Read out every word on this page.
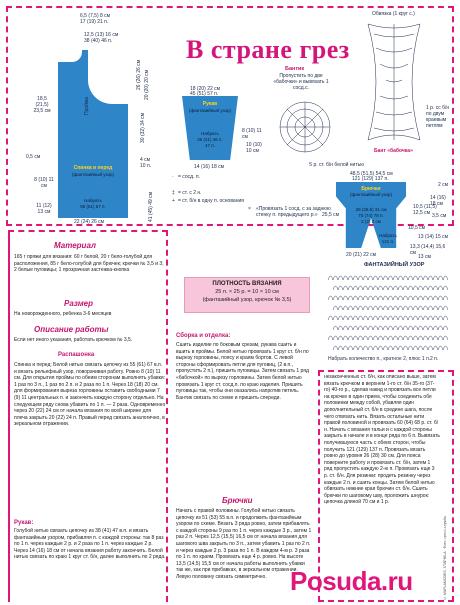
Спинка и перед
(фантазийный узор)
Набрать
55 (61) 67 п.
Пройма
6,5 (7,5) 8 см
17 (19) 21 п.
12,5 (13) 16 см
38 (40) 46 п.
18,5 (21,5) 23,5 см
0,5 см
8 (10) 11 см
11 (12) 13 см
30 (32) 34 см
41 (45) 49 см
26 (26) 26 см 20 (20) 20 см
4 см
10 п.
22 (24) 26 см
В стране грез
18 (20) 22 см
45 (51) 57 п.
Рукав
(фантазийный узор)
Набрать
36 (41) 46 п.
47 п.
14 (16) 18 см
8 (10) 11 см
10 (10) 10 см
Бантик
Пропустить по две «бабочки» и вывязать 1 сосд.с.
Обвязка (1 круг с.)
1 р. сс б/н по двум краевым петлям
Бант «бабочка»
5 р. ст. б/н белой нитью
· = сосд. п.
+ = ст. б/н в одну п. основания
‡ = ст. с 2 н.
× «Провязать 1 сосд. с за заднюю стенку п. предыдущего р.»
48,5 (51,5) 54,5 см
121 (129) 137 п.
Брючки
(фантазийный узор)
28 (28,5) 31 см
70 (74) 78 п.
2 (2) 2 см
Набрать
121 п.
20 (21) 22 см
2 см
14 (16) 18 см
10,5 (11,5) 12,5 см 3,5 см
10,5 см
13 (14) 15 см
13,3 (14,4) 15,6 см
25,5 см
13 см
ПЛОТНОСТЬ ВЯЗАНИЯ
25 п. × 25 р. = 10 × 10 см
(фантазийный узор, крючок № 3,5)
ФАНТАЗИЙНЫЙ УЗОР
Набрать количество п., кратное 2, плюс 1 п. 2 п.
Материал
165 г пряжи для вязания: 60 г белой, 20 г бело-голубой для расположения, 85 г бело-голубой для брючек; крючки № 3,5 и 3; 2 белые пуговицы; 1 прозрачная застежка-кнопка
Размер
На новорожденного, ребенка 3-6 месяцев
Описание работы
Если нет иного указания, работать крючком № 3,5.
Распашонка
Спинка и перед: Белой нитью связать цепочку из 55 (61) 67 в.п. и вязать рельефный узор, поворачивая работу. Ровно 8 (10) 11 см. Для открытия проймы по обеим сторонам выполнять убавки: 1 раз по 3 п., 1 раз по 2 п. и 2 раза по 1 п. Через 18 (18) 20 см. для формирования выреза горловины оставить свободными 7 (9) 11 центральных п. и закончить каждую сторону отдельно. На следующем ряду снова убавить по 1 п. — 2 раза. Одновременно через 20 (22) 24 см от начала вязания по всей ширине для плеча закрыть 20 (22) 24 п. Правый перед связать аналогично, в зеркальном отражении.
Рукав:
Голубой нитью связать цепочку из 38 (41) 47 в.п. и вязать фантазийным узором, прибавляя п. с каждой стороны: так 8 раз по 1 п. через каждые 2 р. и 2 раза по 1 п. через каждые 2 р. Через 14 (16) 18 см от начала вязания работу закончить. Белой нитью связать по краю 1 круг ст. б/н, далее выполнить по 2 ряда.
Сборка и отделка:
Сшить изделие по боковым срезам, рукава сшить и вшить в проймы. Белой нитью провязать 1 круг ст. б/н по вырезу горловины, поясу и краям бортов. С левой стороны сформировать петли для пуговиц, (2 в.п., пропустить 2 п.), пришить пуговицы. Затем связать 1 ряд «бабочкой» по вырезу горловины. Затем белой нитью провязать 1 круг ст. сосд.п. по краю изделия. Пришить пуговицы так, чтобы они оказались напротив петель. Бантик связать по схеме и пришить спереди.
Брючки
Начать с правой половины. Голубой нитью связать цепочку из 51 (53) 55 в.п. и продолжить фантазийным узором по схеме. Вязать 3 ряда ровно, затем прибавлять с каждой стороны 9 раз по 1 п. через каждые 3 р., затем 1 раз 2 п. Через 12,5 (15,5) 16,5 см от начала вязания для шагового шва закрыть по 3 п., затем убавить 1 раз по 2 п. и через каждые 2 р. 3 раза по 1 п. В каждом 4-м р. 3 раза по 1 п. по краям. Провязать еще 4 р. ровно. На высоте 13,5 (14,5) 15,5 см от начала работы выполнить убавки так же, как при прибавках, в зеркальном отражении. Левую половину связать симметрично.
незаконченных ст. б/н, как описано выше, затем вязать крючком в верхнем 1-го ст. б/н 35-го (37-го) 40-го р., сделав накид и провязать все петли на крючке в один прием, чтобы соединить обе половинки между собой, убавляя один дополнительный ст. б/н в средине шага, после чего отвязать нить. Вязать остальные нити правой половиной и провязать 60 (64) 68 р. ст. б/н. Начать с вязания тальи и с каждой стороны закрыть в начале и в конце ряда по 6 п. Вывязать получившуюся часть с обеих сторон, чтобы получить 121 (129) 137 п. Провязать вязать ровно до уровня 26 (28) 30 см. Для пояса поверните работу и провязать ст. б/н, затем 1 ряд пропустить каждую 2-ю п. Провязать еще 3 р. ст. б/н. Для резинки: продеть резинку через каждые 2 п. и сшить концы. Затем белой нитью обвязать нижние края брючин ст. б/н. Сшить брючки по шаговому шву, проложить шнурок: цепочка длиной 70 см и 1 р.
© MAPLAMODES, STÄPHILA · Фото: пресс-служба
Posuda.ru
